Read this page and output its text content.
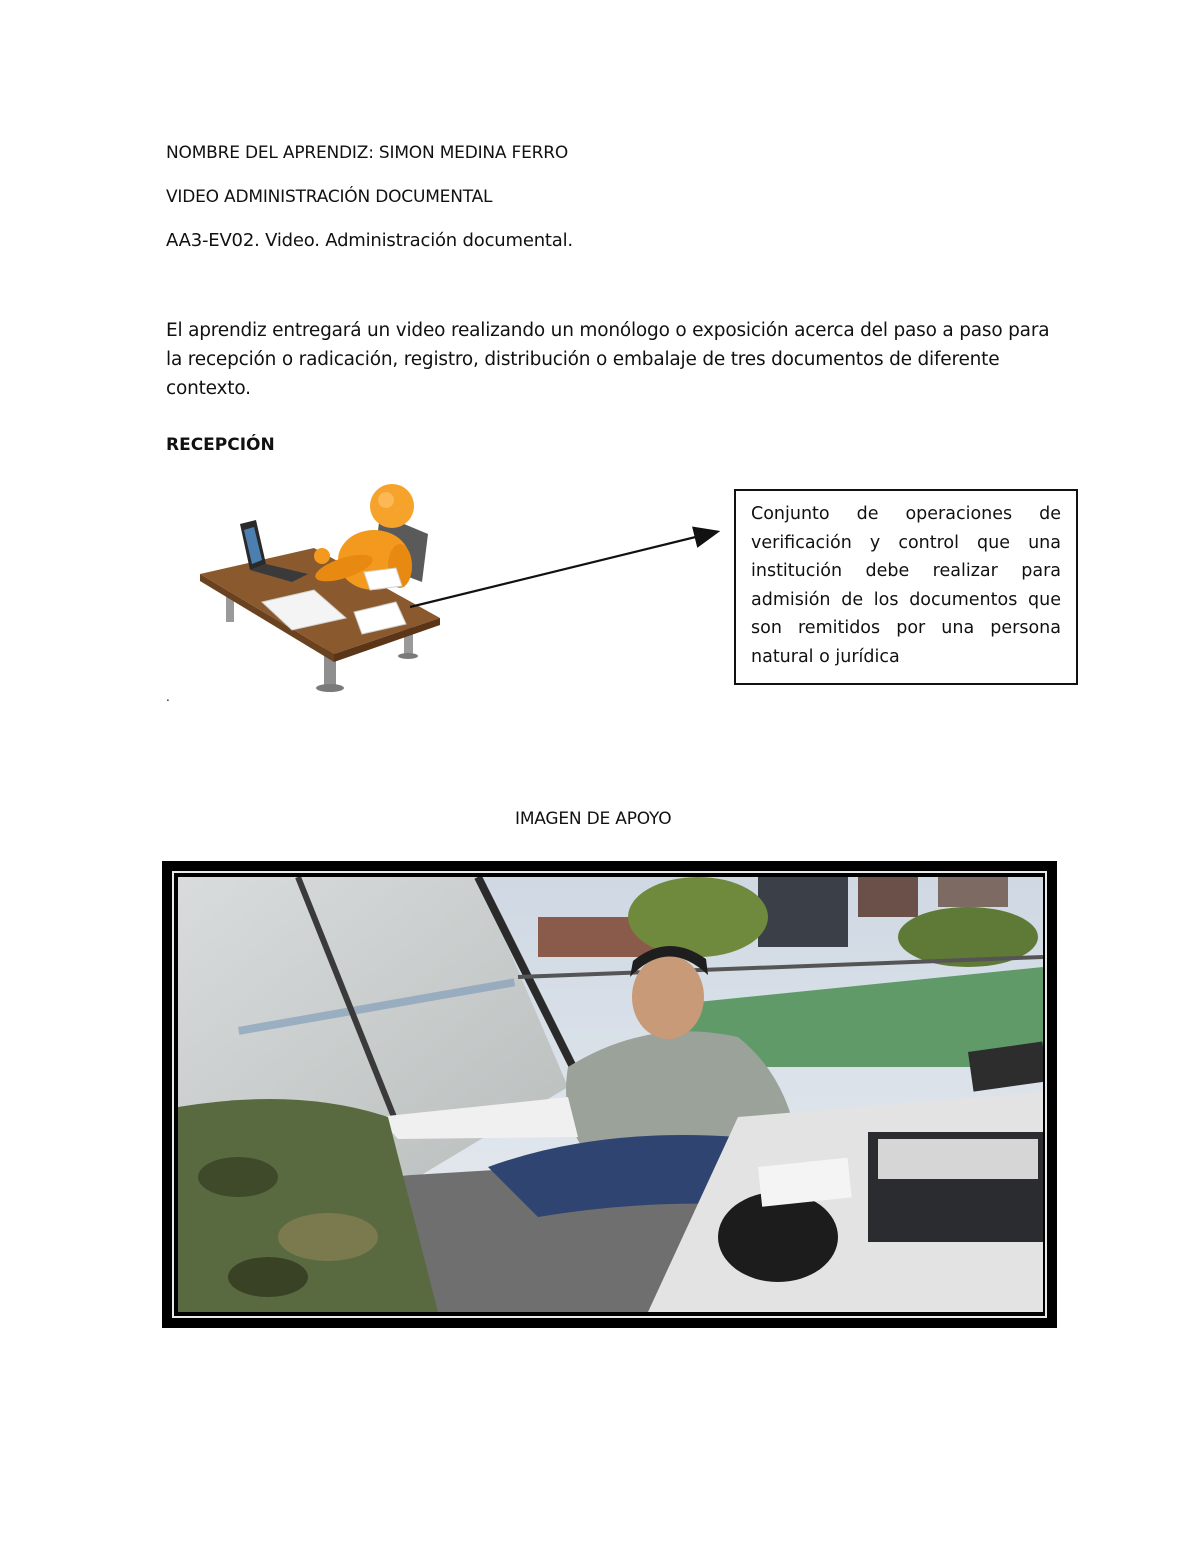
NOMBRE DEL APRENDIZ: SIMON MEDINA FERRO
VIDEO ADMINISTRACIÓN DOCUMENTAL
AA3-EV02. Video. Administración documental.
El aprendiz entregará un video realizando un monólogo o exposición acerca del paso a paso para la recepción o radicación, registro, distribución o embalaje de tres documentos de diferente contexto.
RECEPCIÓN
Conjunto de operaciones de verificación y control que una institución debe realizar para admisión de los documentos que son remitidos por una persona natural o jurídica
.
IMAGEN DE APOYO
